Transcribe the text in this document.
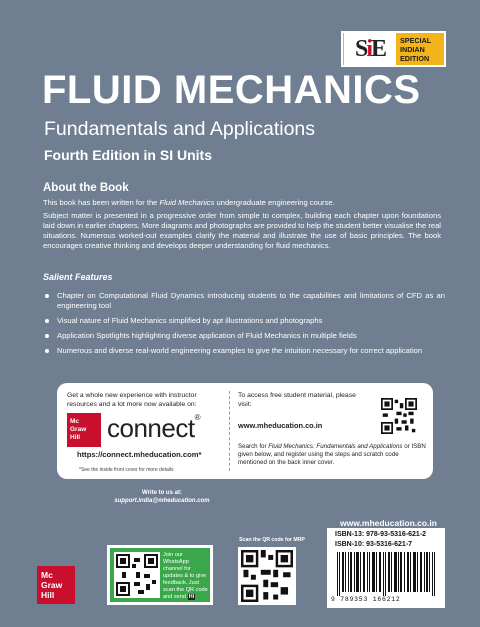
S i E SPECIAL
INDIAN
EDITION
FLUID MECHANICS
Fundamentals and Applications
Fourth Edition in SI Units
About the Book
This book has been written for the Fluid Mechanics undergraduate engineering course.
Subject matter is presented in a progressive order from simple to complex, building each chapter upon foundations laid down in earlier chapters. More diagrams and photographs are provided to help the student better visualise the real situations. Numerous worked-out examples clarify the material and illustrate the use of basic principles. The book encourages creative thinking and develops deeper understanding for fluid mechanics.
Salient Features
Chapter on Computational Fluid Dynamics introducing students to the capabilities and limitations of CFD as an engineering tool
Visual nature of Fluid Mechanics simplified by apt illustrations and photographs
Application Spotlights highlighting diverse application of Fluid Mechanics in multiple fields
Numerous and diverse real-world engineering examples to give the intuition necessary for correct application
Get a whole new experience with instructor resources and a lot more now available on:
Mc
Graw
Hill	connect®
https://connect.mheducation.com*
*See the inside front cover for more details
To access free student material, please visit:
www.mheducation.co.in
Search for Fluid Mechanics: Fundamentals and Applications or ISBN given below, and register using the steps and scratch code mentioned on the back inner cover.
Mc
Graw
Hill
Write to us at:
support.india@mheducation.com
Join our WhatsApp channel for updates & to give feedback. Just scan the QR code and send Hi
Scan the QR code for MRP
www.mheducation.co.in
ISBN-13: 978-93-5316-621-2
ISBN-10: 93-5316-621-7
9 789353 166212
